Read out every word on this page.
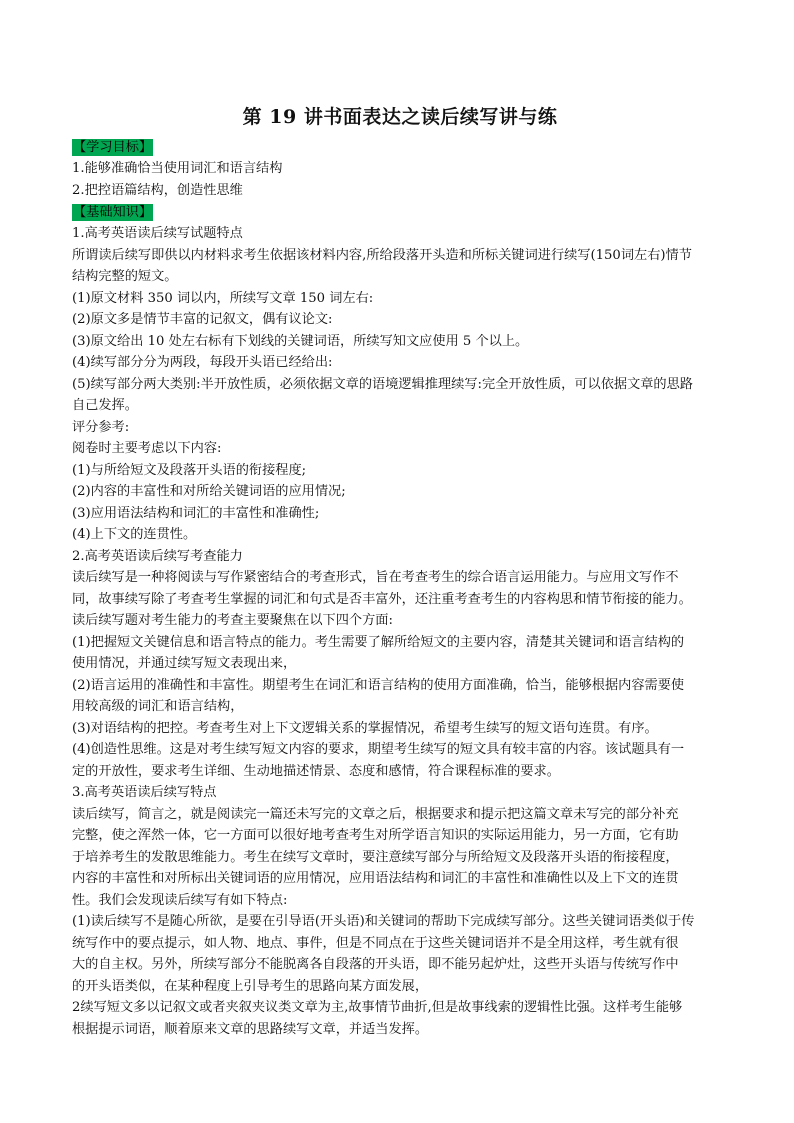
第 19 讲书面表达之读后续写讲与练
【学习目标】

1.能够准确恰当使用词汇和语言结构

2.把控语篇结构，创造性思维

【基础知识】

1.高考英语读后续写试题特点

所谓读后续写即供以内材料求考生依据该材料内容,所给段落开头造和所标关键词进行续写(150词左右)情节

结构完整的短文。

(1)原文材料 350 词以内，所续写文章 150 词左右:

(2)原文多是情节丰富的记叙文，偶有议论文:

(3)原文给出 10 处左右标有下划线的关键词语，所续写知文应使用 5 个以上。

(4)续写部分分为两段，每段开头语已经给出:

(5)续写部分两大类别:半开放性质，必须依据文章的语境逻辑推理续写:完全开放性质，可以依据文章的思路

自己发挥。

评分参考:

阅卷时主要考虑以下内容:

(1)与所给短文及段落开头语的衔接程度;

(2)内容的丰富性和对所给关键词语的应用情况;

(3)应用语法结构和词汇的丰富性和准确性;

(4)上下文的连贯性。

2.高考英语读后续写考查能力

读后续写是一种将阅读与写作紧密结合的考查形式，旨在考查考生的综合语言运用能力。与应用文写作不

同，故事续写除了考查考生掌握的词汇和句式是否丰富外，还注重考查考生的内容构思和情节衔接的能力。

读后续写题对考生能力的考查主要聚焦在以下四个方面:

(1)把握短文关键信息和语言特点的能力。考生需要了解所给短文的主要内容，清楚其关键词和语言结构的

使用情况，并通过续写短文表现出来，

(2)语言运用的准确性和丰富性。期望考生在词汇和语言结构的使用方面准确，恰当，能够根据内容需要使

用较高级的词汇和语言结构，

(3)对语结构的把控。考查考生对上下文逻辑关系的掌握情况，希望考生续写的短文语句连贯。有序。

(4)创造性思维。这是对考生续写短文内容的要求，期望考生续写的短文具有较丰富的内容。该试题具有一

定的开放性，要求考生详细、生动地描述情景、态度和感情，符合课程标准的要求。

3.高考英语读后续写特点

读后续写，简言之，就是阅读完一篇还未写完的文章之后，根据要求和提示把这篇文章未写完的部分补充

完整，使之浑然一体，它一方面可以很好地考查考生对所学语言知识的实际运用能力，另一方面，它有助

于培养考生的发散思维能力。考生在续写文章时，要注意续写部分与所给短文及段落开头语的衔接程度，

内容的丰富性和对所标出关键词语的应用情况，应用语法结构和词汇的丰富性和准确性以及上下文的连贯

性。我们会发现读后续写有如下特点:

(1)读后续写不是随心所欲，是要在引导语(开头语)和关键词的帮助下完成续写部分。这些关键词语类似于传

统写作中的要点提示，如人物、地点、事件，但是不同点在于这些关键词语并不是全用这样，考生就有很

大的自主权。另外，所续写部分不能脱离各自段落的开头语，即不能另起炉灶，这些开头语与传统写作中

的开头语类似，在某种程度上引导考生的思路向某方面发展，

2续写短文多以记叙文或者夹叙夹议类文章为主,故事情节曲折,但是故事线索的逻辑性比强。这样考生能够

根据提示词语，顺着原来文章的思路续写文章，并适当发挥。
